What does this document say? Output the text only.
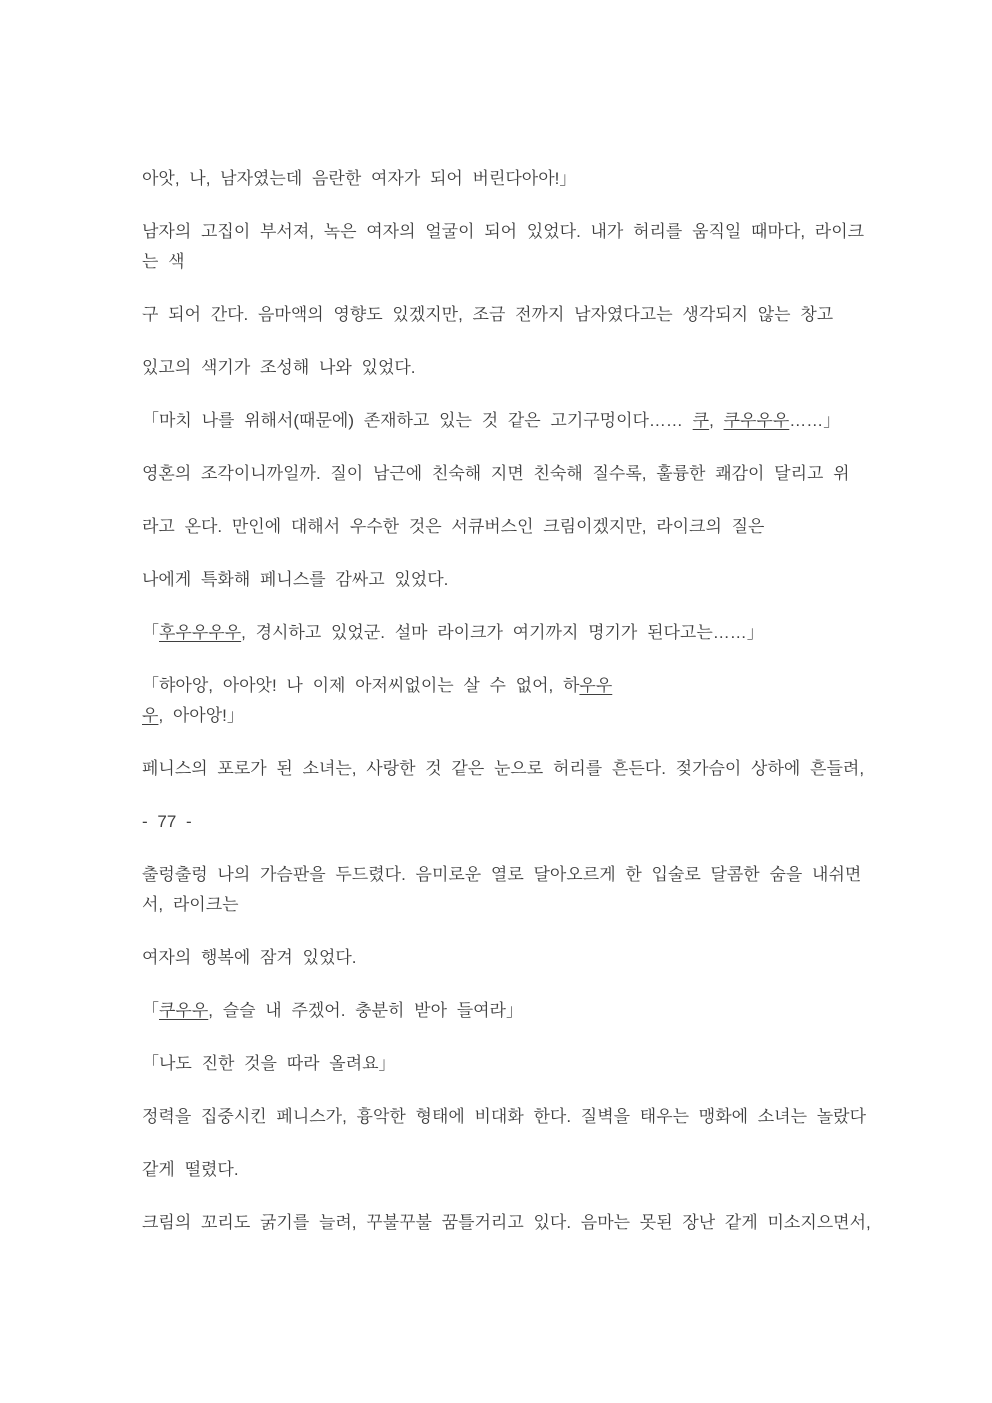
아앗, 나, 남자였는데 음란한 여자가 되어 버린다아아!」
남자의 고집이 부서져, 녹은 여자의 얼굴이 되어 있었다. 내가 허리를 움직일 때마다, 라이크
는 색
구 되어 간다. 음마액의 영향도 있겠지만, 조금 전까지 남자였다고는 생각되지 않는 창고
있고의 색기가 조성해 나와 있었다.
「마치 나를 위해서(때문에) 존재하고 있는 것 같은 고기구멍이다…… 쿠, 쿠우우우……」
영혼의 조각이니까일까. 질이 남근에 친숙해 지면 친숙해 질수록, 훌륭한 쾌감이 달리고 위
라고 온다. 만인에 대해서 우수한 것은 서큐버스인 크림이겠지만, 라이크의 질은
나에게 특화해 페니스를 감싸고 있었다.
「후우우우우, 경시하고 있었군. 설마 라이크가 여기까지 명기가 된다고는……」
「햐아앙, 아아앗! 나 이제 아저씨없이는 살 수 없어, 하우우
우, 아아앙!」
페니스의 포로가 된 소녀는, 사랑한 것 같은 눈으로 허리를 흔든다. 젖가슴이 상하에 흔들려,
- 77 -
출렁출렁 나의 가슴판을 두드렸다. 음미로운 열로 달아오르게 한 입술로 달콤한 숨을 내쉬면
서, 라이크는
여자의 행복에 잠겨 있었다.
「쿠우우, 슬슬 내 주겠어. 충분히 받아 들여라」
「나도 진한 것을 따라 올려요」
정력을 집중시킨 페니스가, 흉악한 형태에 비대화 한다. 질벽을 태우는 맹화에 소녀는 놀랐다
같게 떨렸다.
크림의 꼬리도 굵기를 늘려, 꾸불꾸불 꿈틀거리고 있다. 음마는 못된 장난 같게 미소지으면서,
